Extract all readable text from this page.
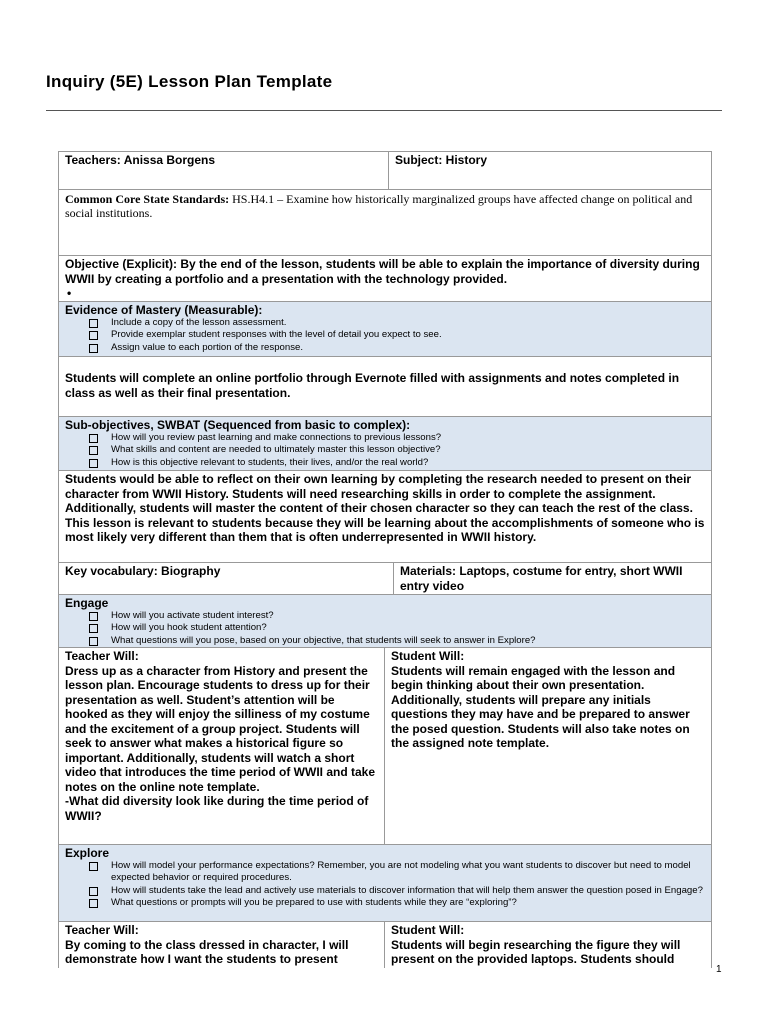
Inquiry (5E) Lesson Plan Template
Teachers: Anissa Borgens	Subject: History
Common Core State Standards: HS.H4.1 – Examine how historically marginalized groups have affected change on political and social institutions.
Objective (Explicit): By the end of the lesson, students will be able to explain the importance of diversity during WWII by creating a portfolio and a presentation with the technology provided.
•
Evidence of Mastery (Measurable):
Include a copy of the lesson assessment.
Provide exemplar student responses with the level of detail you expect to see.
Assign value to each portion of the response.
Students will complete an online portfolio through Evernote filled with assignments and notes completed in class as well as their final presentation.
Sub-objectives, SWBAT (Sequenced from basic to complex):
How will you review past learning and make connections to previous lessons?
What skills and content are needed to ultimately master this lesson objective?
How is this objective relevant to students, their lives, and/or the real world?
Students would be able to reflect on their own learning by completing the research needed to present on their character from WWII History. Students will need researching skills in order to complete the assignment. Additionally, students will master the content of their chosen character so they can teach the rest of the class. This lesson is relevant to students because they will be learning about the accomplishments of someone who is most likely very different than them that is often underrepresented in WWII history.
Key vocabulary: Biography	Materials: Laptops, costume for entry, short WWII entry video
Engage
How will you activate student interest?
How will you hook student attention?
What questions will you pose, based on your objective, that students will seek to answer in Explore?
Teacher Will:
Dress up as a character from History and present the lesson plan. Encourage students to dress up for their presentation as well. Student’s attention will be hooked as they will enjoy the silliness of my costume and the excitement of a group project. Students will seek to answer what makes a historical figure so important. Additionally, students will watch a short video that introduces the time period of WWII and take notes on the online note template.
-What did diversity look like during the time period of WWII?
Student Will:
Students will remain engaged with the lesson and begin thinking about their own presentation. Additionally, students will prepare any initials questions they may have and be prepared to answer the posed question. Students will also take notes on the assigned note template.
Explore
How will model your performance expectations? Remember, you are not modeling what you want students to discover but need to model expected behavior or required procedures.
How will students take the lead and actively use materials to discover information that will help them answer the question posed in Engage?
What questions or prompts will you be prepared to use with students while they are “exploring”?
Teacher Will:
By coming to the class dressed in character, I will demonstrate how I want the students to present
Student Will:
Students will begin researching the figure they will present on the provided laptops. Students should
1
